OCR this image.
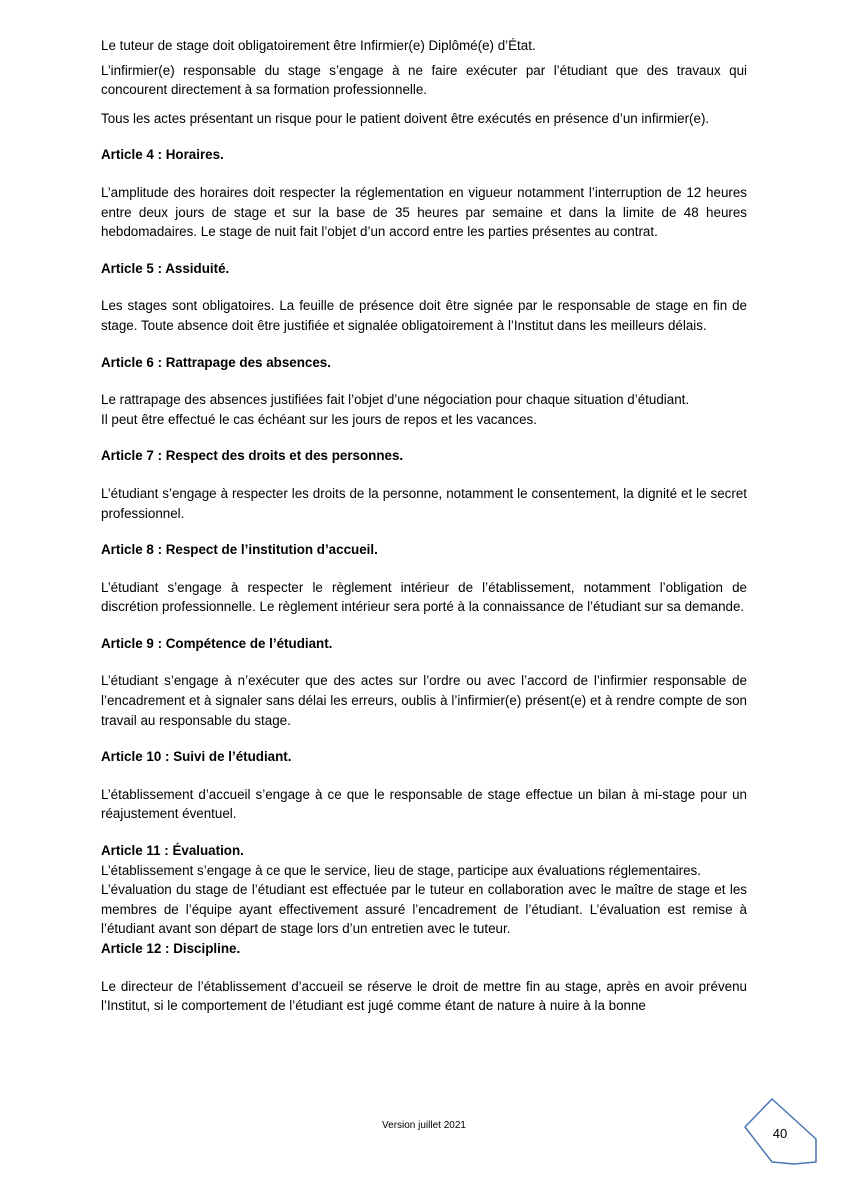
Le tuteur de stage doit obligatoirement être Infirmier(e) Diplômé(e) d’État.

L’infirmier(e) responsable du stage s’engage à ne faire exécuter par l’étudiant que des travaux qui concourent directement à sa formation professionnelle.

Tous les actes présentant un risque pour le patient doivent être exécutés en présence d’un infirmier(e).

Article 4 : Horaires.

L’amplitude des horaires doit respecter la réglementation en vigueur notamment l’interruption de 12 heures entre deux jours de stage et sur la base de 35 heures par semaine et dans la limite de 48 heures hebdomadaires. Le stage de nuit fait l’objet d’un accord entre les parties présentes au contrat.

Article 5 : Assiduité.

Les stages sont obligatoires. La feuille de présence doit être signée par le responsable de stage en fin de stage. Toute absence doit être justifiée et signalée obligatoirement à l’Institut dans les meilleurs délais.

Article 6 : Rattrapage des absences.

Le rattrapage des absences justifiées fait l’objet d’une négociation pour chaque situation d’étudiant.

Il peut être effectué le cas échéant sur les jours de repos et les vacances.

Article 7 : Respect des droits et des personnes.

L’étudiant s’engage à respecter les droits de la personne, notamment le consentement, la dignité et le secret professionnel.

Article 8 : Respect de l’institution d’accueil.

L’étudiant s’engage à respecter le règlement intérieur de l’établissement, notamment l’obligation de discrétion professionnelle. Le règlement intérieur sera porté à la connaissance de l’étudiant sur sa demande.

Article 9 : Compétence de l’étudiant.

L’étudiant s’engage à n’exécuter que des actes sur l’ordre ou avec l’accord de l’infirmier responsable de l’encadrement et à signaler sans délai les erreurs, oublis à l’infirmier(e) présent(e) et à rendre compte de son travail au responsable du stage.

Article 10 : Suivi de l’étudiant.

L’établissement d’accueil s’engage à ce que le responsable de stage effectue un bilan à mi-stage pour un réajustement éventuel.

Article 11 : Évaluation.

L’établissement s’engage à ce que le service, lieu de stage, participe aux évaluations réglementaires.

L’évaluation du stage de l’étudiant est effectuée par le tuteur en collaboration avec le maître de stage et les membres de l’équipe ayant effectivement assuré l’encadrement de l’étudiant. L’évaluation est remise à l’étudiant avant son départ de stage lors d’un entretien avec le tuteur.

Article 12 : Discipline.

Le directeur de l’établissement d’accueil se réserve le droit de mettre fin au stage, après en avoir prévenu l’Institut, si le comportement de l’étudiant est jugé comme étant de nature à nuire à la bonne

Version juillet 2021
40
